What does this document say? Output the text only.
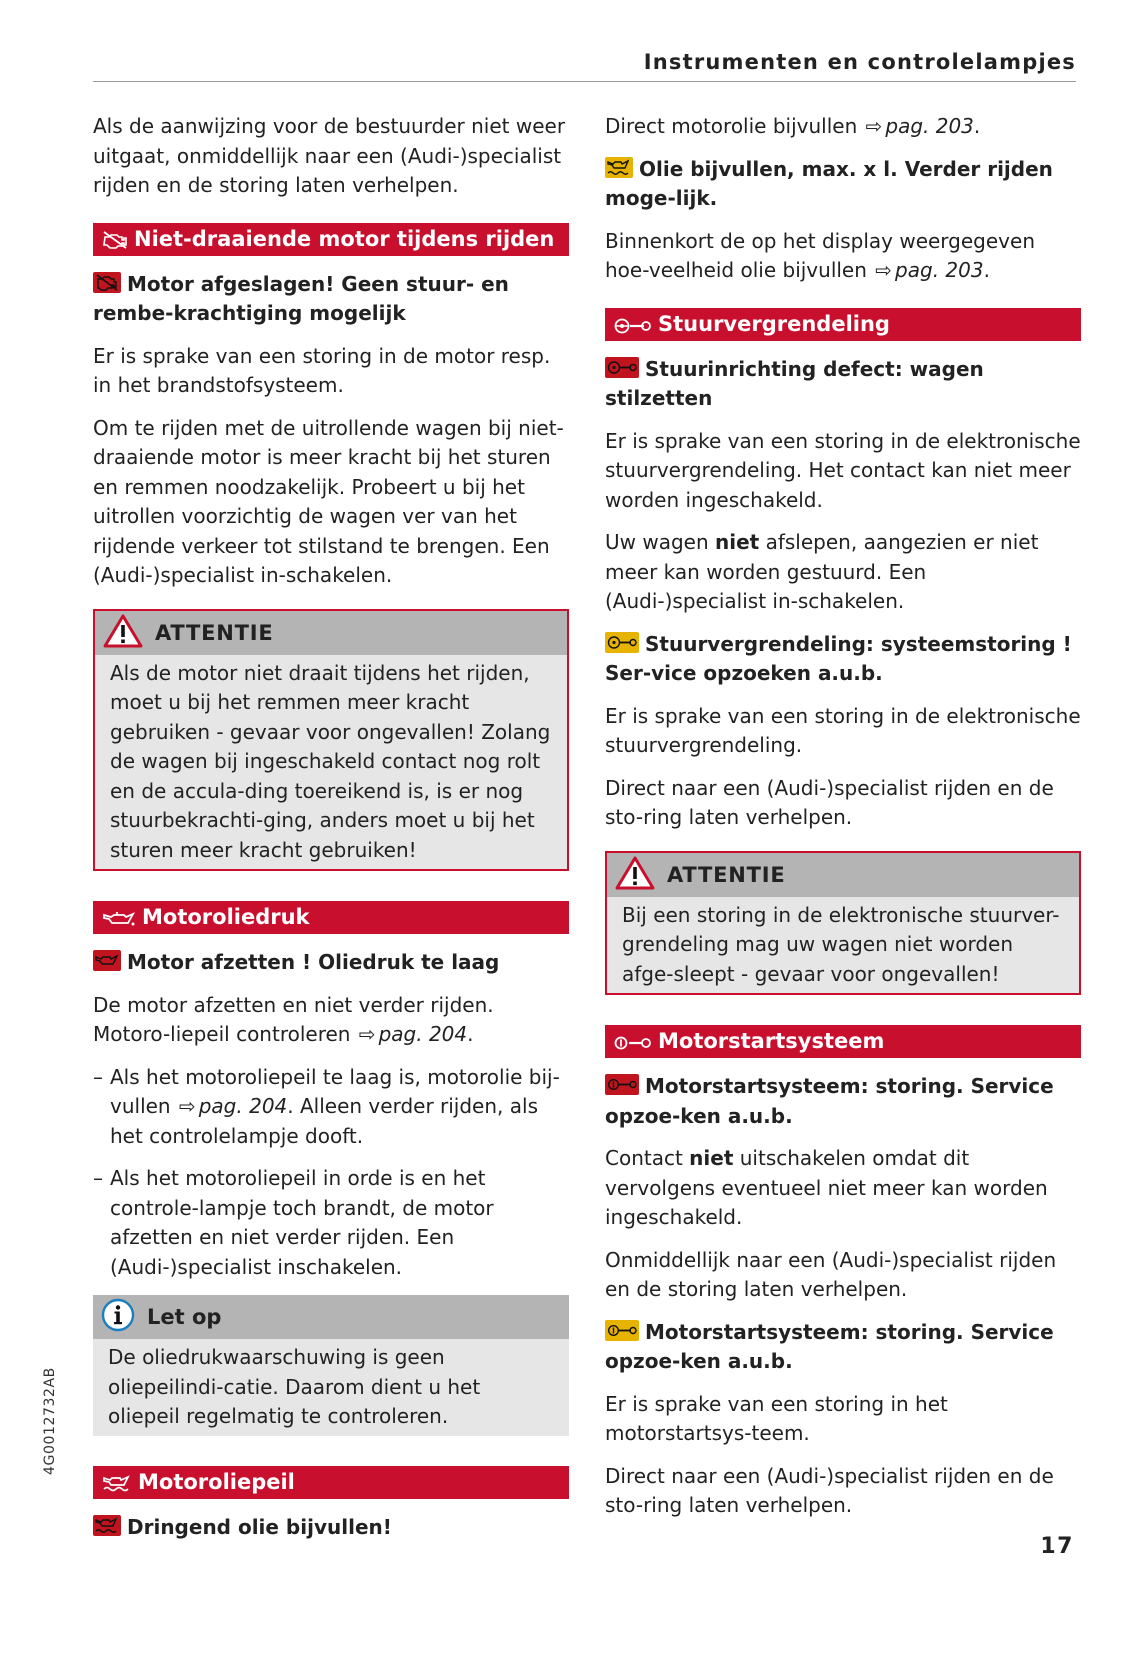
Instrumenten en controlelampjes

Als de aanwijzing voor de bestuurder niet weer uitgaat, onmiddellijk naar een (Audi-)specialist rijden en de storing laten verhelpen.

Niet-draaiende motor tijdens rijden
Motor afgeslagen! Geen stuur- en rembe-krachtiging mogelijk

Er is sprake van een storing in de motor resp. in het brandstofsysteem.

Om te rijden met de uitrollende wagen bij niet-draaiende motor is meer kracht bij het sturen en remmen noodzakelijk. Probeert u bij het uitrollen voorzichtig de wagen ver van het rijdende verkeer tot stilstand te brengen. Een (Audi-)specialist in-schakelen.

ATTENTIE
Als de motor niet draait tijdens het rijden, moet u bij het remmen meer kracht gebruiken - gevaar voor ongevallen! Zolang de wagen bij ingeschakeld contact nog rolt en de accula-ding toereikend is, is er nog stuurbekrachti-ging, anders moet u bij het sturen meer kracht gebruiken!
Motoroliedruk
Motor afzetten ! Oliedruk te laag

De motor afzetten en niet verder rijden. Motoro-liepeil controleren ⇨ pag. 204.

– Als het motoroliepeil te laag is, motorolie bij-vullen ⇨ pag. 204. Alleen verder rijden, als het controlelampje dooft.
– Als het motoroliepeil in orde is en het controle-lampje toch brandt, de motor afzetten en niet verder rijden. Een (Audi-)specialist inschakelen.
Let op
De oliedrukwaarschuwing is geen oliepeilindi-catie. Daarom dient u het oliepeil regelmatig te controleren.
Motoroliepeil
Dringend olie bijvullen!

Direct motorolie bijvullen ⇨ pag. 203.

Olie bijvullen, max. x l. Verder rijden moge-lijk.

Binnenkort de op het display weergegeven hoe-veelheid olie bijvullen ⇨ pag. 203.

Stuurvergrendeling
Stuurinrichting defect: wagen stilzetten

Er is sprake van een storing in de elektronische stuurvergrendeling. Het contact kan niet meer worden ingeschakeld.

Uw wagen niet afslepen, aangezien er niet meer kan worden gestuurd. Een (Audi-)specialist in-schakelen.

Stuurvergrendeling: systeemstoring ! Ser-vice opzoeken a.u.b.

Er is sprake van een storing in de elektronische stuurvergrendeling.

Direct naar een (Audi-)specialist rijden en de sto-ring laten verhelpen.

ATTENTIE
Bij een storing in de elektronische stuurver-grendeling mag uw wagen niet worden afge-sleept - gevaar voor ongevallen!
Motorstartsysteem
Motorstartsysteem: storing. Service opzoe-ken a.u.b.

Contact niet uitschakelen omdat dit vervolgens eventueel niet meer kan worden ingeschakeld.

Onmiddellijk naar een (Audi-)specialist rijden en de storing laten verhelpen.

Motorstartsysteem: storing. Service opzoe-ken a.u.b.

Er is sprake van een storing in het motorstartsys-teem.

Direct naar een (Audi-)specialist rijden en de sto-ring laten verhelpen.

4G0012732AB
17
